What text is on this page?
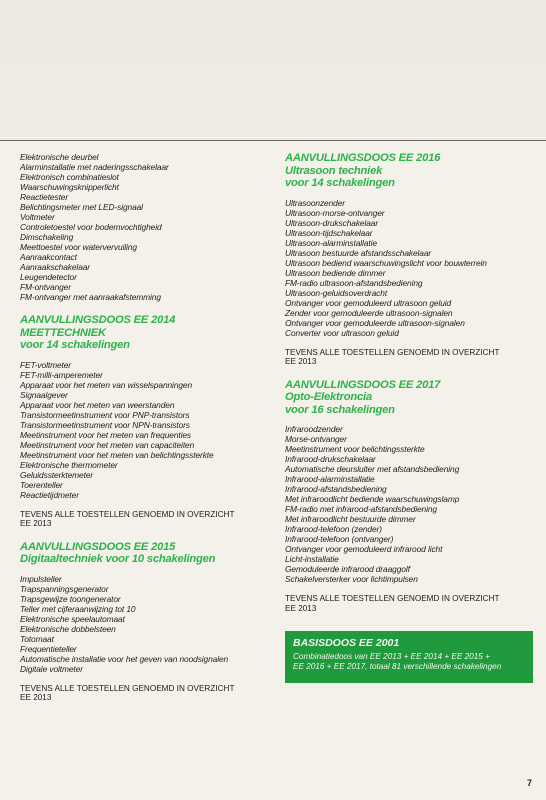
Elektronische deurbel
Alarminstallatie met naderingsschakelaar
Elektronisch combinatieslot
Waarschuwingsknipperlicht
Reactietester
Belichtingsmeter met LED-signaal
Voltmeter
Controletoestel voor bodemvochtigheid
Dimschakeling
Meettoestel voor watervervuiling
Aanraakcontact
Aanraakschakelaar
Leugendetector
FM-ontvanger
FM-ontvanger met aanraakafstemming
AANVULLINGSDOOS EE 2014
MEETTECHNIEK
voor 14 schakelingen
FET-voltmeter
FET-milli-amperemeter
Apparaat voor het meten van wisselspanningen
Signaalgever
Apparaat voor het meten van weerstanden
Transistormeetinstrument voor PNP-transistors
Transistormeetinstrument voor NPN-transistors
Meetinstrument voor het meten van frequenties
Meetinstrument voor het meten van capaciteiten
Meetinstrument voor het meten van belichtingssterkte
Elektronische thermometer
Geluidssterktemeter
Toerenteller
Reactietijdmeter
TEVENS ALLE TOESTELLEN GENOEMD IN OVERZICHT
EE 2013
AANVULLINGSDOOS EE 2015
Digitaaltechniek voor 10 schakelingen
Impulsteller
Trapspanningsgenerator
Trapsgewijze toongenerator
Teller met cijferaanwijzing tot 10
Elektronische speelautomaat
Elektronische dobbelsteen
Totomaat
Frequentieteller
Automatische installatie voor het geven van noodsignalen
Digitale voltmeter
TEVENS ALLE TOESTELLEN GENOEMD IN OVERZICHT
EE 2013
AANVULLINGSDOOS EE 2016
Ultrasoon techniek
voor 14 schakelingen
Ultrasoonzender
Ultrasoon-morse-ontvanger
Ultrasoon-drukschakelaar
Ultrasoon-tijdschakelaar
Ultrasoon-alarminstallatie
Ultrasoon bestuurde afstandsschakelaar
Ultrasoon bediend waarschuwingslicht voor bouwterrein
Ultrasoon bediende dimmer
FM-radio ultrasoon-afstandsbediening
Ultrasoon-geluidsoverdracht
Ontvanger voor gemoduleerd ultrasoon geluid
Zender voor gemoduleerde ultrasoon-signalen
Ontvanger voor gemoduleerde ultrasoon-signalen
Converter voor ultrasoon geluid
TEVENS ALLE TOESTELLEN GENOEMD IN OVERZICHT
EE 2013
AANVULLINGSDOOS EE 2017
Opto-Elektroncia
voor 16 schakelingen
Infraroodzender
Morse-ontvanger
Meetinstrument voor belichtingssterkte
Infrarood-drukschakelaar
Automatische deursluiter met afstandsbediening
Infrarood-alarminstallatie
Infrarood-afstandsbediening
Met infraroodlicht bediende waarschuwingslamp
FM-radio met infrarood-afstandsbediening
Met infraroodlicht bestuurde dimmer
Infrarood-telefoon (zender)
Infrarood-telefoon (ontvanger)
Ontvanger voor gemoduleerd infrarood licht
Licht-installatie
Gemoduleerde infrarood draaggolf
Schakelversterker voor lichtimpulsen
TEVENS ALLE TOESTELLEN GENOEMD IN OVERZICHT
EE 2013
BASISDOOS EE 2001
Combinatiedoos van EE 2013 + EE 2014 + EE 2015 +
EE 2016 + EE 2017, totaal 81 verschillende schakelingen
7
